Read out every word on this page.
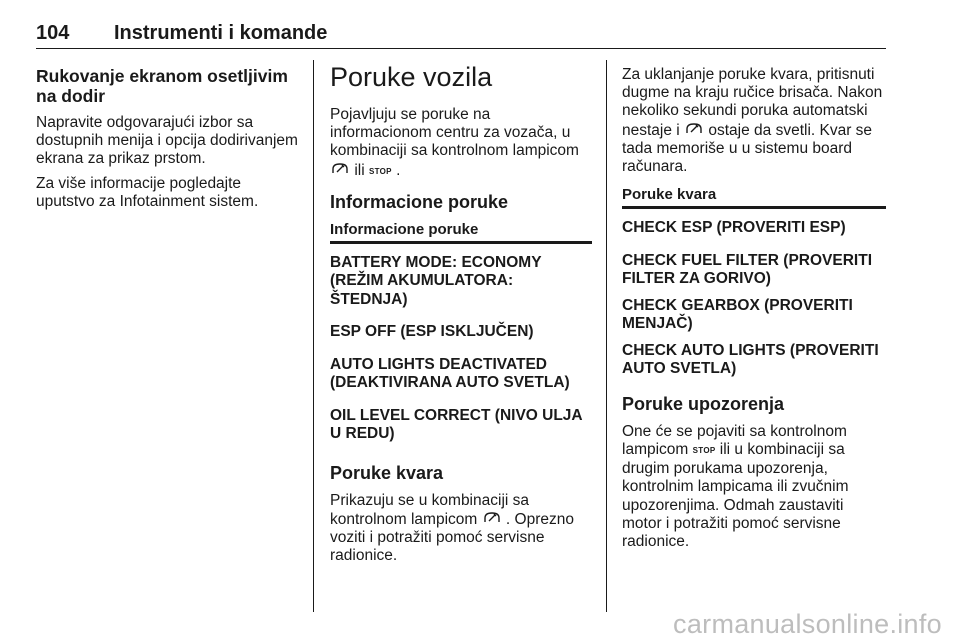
104 Instrumenti i komande
Rukovanje ekranom osetljivim na dodir
Napravite odgovarajući izbor sa dostupnih menija i opcija dodirivanjem ekrana za prikaz prstom.
Za više informacije pogledajte uputstvo za Infotainment sistem.
Poruke vozila
Pojavljuju se poruke na informacionom centru za vozača, u kombinaciji sa kontrolnom lampicom  ili STOP .
Informacione poruke
Informacione poruke
BATTERY MODE: ECONOMY (REŽIM AKUMULATORA: ŠTEDNJA)
ESP OFF (ESP ISKLJUČEN)
AUTO LIGHTS DEACTIVATED (DEAKTIVIRANA AUTO SVETLA)
OIL LEVEL CORRECT (NIVO ULJA U REDU)
Poruke kvara
Prikazuju se u kombinaciji sa kontrolnom lampicom  . Oprezno voziti i potražiti pomoć servisne radionice.
Za uklanjanje poruke kvara, pritisnuti dugme na kraju ručice brisača. Nakon nekoliko sekundi poruka automatski nestaje i  ostaje da svetli. Kvar se tada memoriše u u sistemu board računara.
Poruke kvara
CHECK ESP (PROVERITI ESP)
CHECK FUEL FILTER (PROVERITI FILTER ZA GORIVO)
CHECK GEARBOX (PROVERITI MENJAČ)
CHECK AUTO LIGHTS (PROVERITI AUTO SVETLA)
Poruke upozorenja
One će se pojaviti sa kontrolnom lampicom STOP ili u kombinaciji sa drugim porukama upozorenja, kontrolnim lampicama ili zvučnim upozorenjima. Odmah zaustaviti motor i potražiti pomoć servisne radionice.
carmanualsonline.info
